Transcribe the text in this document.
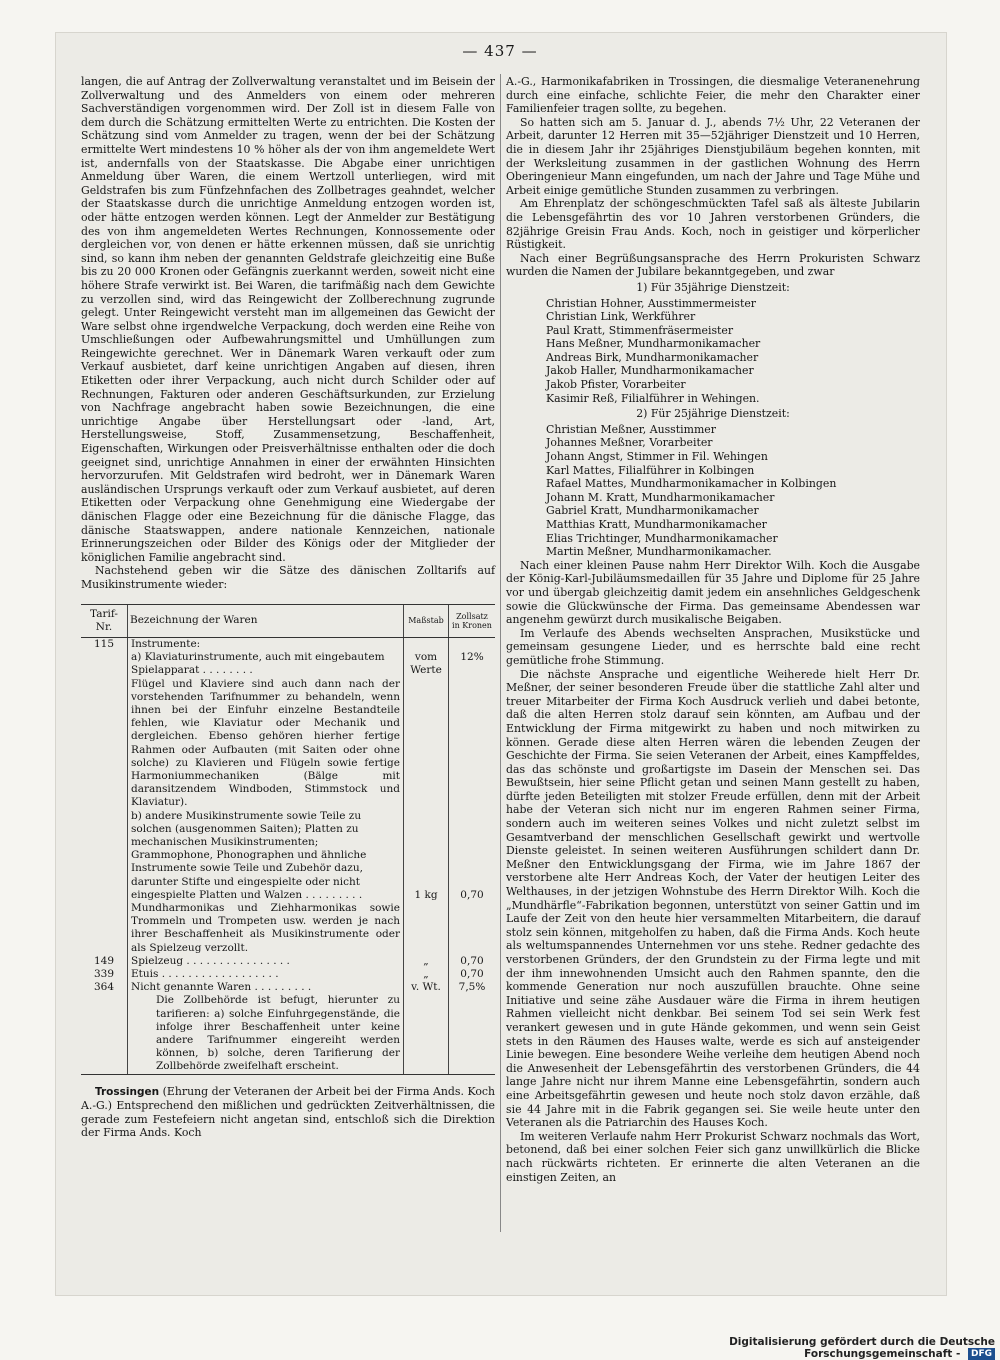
— 437 —

langen, die auf Antrag der Zollverwaltung veranstaltet und im Beisein der Zollverwaltung und des Anmelders von einem oder mehreren Sachverständigen vorgenommen wird. Der Zoll ist in diesem Falle von dem durch die Schätzung ermittelten Werte zu entrichten. Die Kosten der Schätzung sind vom Anmelder zu tragen, wenn der bei der Schätzung ermittelte Wert mindestens 10 % höher als der von ihm angemeldete Wert ist, andernfalls von der Staatskasse. Die Abgabe einer unrichtigen Anmeldung über Waren, die einem Wertzoll unterliegen, wird mit Geldstrafen bis zum Fünfzehnfachen des Zollbetrages geahndet, welcher der Staatskasse durch die unrichtige Anmeldung entzogen worden ist, oder hätte entzogen werden können. Legt der Anmelder zur Bestätigung des von ihm angemeldeten Wertes Rechnungen, Konnossemente oder dergleichen vor, von denen er hätte erkennen müssen, daß sie unrichtig sind, so kann ihm neben der genannten Geldstrafe gleichzeitig eine Buße bis zu 20 000 Kronen oder Gefängnis zuerkannt werden, soweit nicht eine höhere Strafe verwirkt ist. Bei Waren, die tarifmäßig nach dem Gewichte zu verzollen sind, wird das Reingewicht der Zollberechnung zugrunde gelegt. Unter Reingewicht versteht man im allgemeinen das Gewicht der Ware selbst ohne irgendwelche Verpackung, doch werden eine Reihe von Umschließungen oder Aufbewahrungsmittel und Umhüllungen zum Reingewichte gerechnet. Wer in Dänemark Waren verkauft oder zum Verkauf ausbietet, darf keine unrichtigen Angaben auf diesen, ihren Etiketten oder ihrer Verpackung, auch nicht durch Schilder oder auf Rechnungen, Fakturen oder anderen Geschäftsurkunden, zur Erzielung von Nachfrage angebracht haben sowie Bezeichnungen, die eine unrichtige Angabe über Herstellungsart oder -land, Art, Herstellungsweise, Stoff, Zusammensetzung, Beschaffenheit, Eigenschaften, Wirkungen oder Preisverhältnisse enthalten oder die doch geeignet sind, unrichtige Annahmen in einer der erwähnten Hinsichten hervorzurufen. Mit Geldstrafen wird bedroht, wer in Dänemark Waren ausländischen Ursprungs verkauft oder zum Verkauf ausbietet, auf deren Etiketten oder Verpackung ohne Genehmigung eine Wiedergabe der dänischen Flagge oder eine Bezeichnung für die dänische Flagge, das dänische Staatswappen, andere nationale Kennzeichen, nationale Erinnerungszeichen oder Bilder des Königs oder der Mitglieder der königlichen Familie angebracht sind.

Nachstehend geben wir die Sätze des dänischen Zolltarifs auf Musikinstrumente wieder:

Tarif-Nr.	Bezeichnung der Waren	Maßstab	Zollsatz in Kronen
115	Instrumente:		
	a) Klaviaturinstrumente, auch mit eingebautem Spielapparat . . . . . . . .	vom Werte	12%
	Flügel und Klaviere sind auch dann nach der vorstehenden Tarifnummer zu behandeln, wenn ihnen bei der Einfuhr einzelne Bestandteile fehlen, wie Klaviatur oder Mechanik und dergleichen. Ebenso gehören hierher fertige Rahmen oder Aufbauten (mit Saiten oder ohne solche) zu Klavieren und Flügeln sowie fertige Harmoniummechaniken (Bälge mit daransitzendem Windboden, Stimmstock und Klaviatur).		
	b) andere Musikinstrumente sowie Teile zu solchen (ausgenommen Saiten); Platten zu mechanischen Musikinstrumenten; Grammophone, Phonographen und ähnliche Instrumente sowie Teile und Zubehör dazu, darunter Stifte und eingespielte oder nicht eingespielte Platten und Walzen . . . . . . . . .	1 kg	0,70
	Mundharmonikas und Ziehharmonikas sowie Trommeln und Trompeten usw. werden je nach ihrer Beschaffenheit als Musikinstrumente oder als Spielzeug verzollt.		
149	Spielzeug . . . . . . . . . . . . . . . .	„	0,70
339	Etuis . . . . . . . . . . . . . . . . . .	„	0,70
364	Nicht genannte Waren . . . . . . . . .	v. Wt.	7,5%
	Die Zollbehörde ist befugt, hierunter zu tarifieren: a) solche Einfuhrgegenstände, die infolge ihrer Beschaffenheit unter keine andere Tarifnummer eingereiht werden können, b) solche, deren Tarifierung der Zollbehörde zweifelhaft erscheint.		

Trossingen (Ehrung der Veteranen der Arbeit bei der Firma Ands. Koch A.-G.) Entsprechend den mißlichen und gedrückten Zeitverhältnissen, die gerade zum Festefeiern nicht angetan sind, entschloß sich die Direktion der Firma Ands. Koch

A.-G., Harmonikafabriken in Trossingen, die diesmalige Veteranenehrung durch eine einfache, schlichte Feier, die mehr den Charakter einer Familienfeier tragen sollte, zu begehen.

So hatten sich am 5. Januar d. J., abends 7½ Uhr, 22 Veteranen der Arbeit, darunter 12 Herren mit 35—52jähriger Dienstzeit und 10 Herren, die in diesem Jahr ihr 25jähriges Dienstjubiläum begehen konnten, mit der Werksleitung zusammen in der gastlichen Wohnung des Herrn Oberingenieur Mann eingefunden, um nach der Jahre und Tage Mühe und Arbeit einige gemütliche Stunden zusammen zu verbringen.

Am Ehrenplatz der schöngeschmückten Tafel saß als älteste Jubilarin die Lebensgefährtin des vor 10 Jahren verstorbenen Gründers, die 82jährige Greisin Frau Ands. Koch, noch in geistiger und körperlicher Rüstigkeit.

Nach einer Begrüßungsansprache des Herrn Prokuristen Schwarz wurden die Namen der Jubilare bekanntgegeben, und zwar

1) Für 35jährige Dienstzeit:
Christian Hohner, Ausstimmermeister
Christian Link, Werkführer
Paul Kratt, Stimmenfräsermeister
Hans Meßner, Mundharmonikamacher
Andreas Birk, Mundharmonikamacher
Jakob Haller, Mundharmonikamacher
Jakob Pfister, Vorarbeiter
Kasimir Reß, Filialführer in Wehingen.
2) Für 25jährige Dienstzeit:
Christian Meßner, Ausstimmer
Johannes Meßner, Vorarbeiter
Johann Angst, Stimmer in Fil. Wehingen
Karl Mattes, Filialführer in Kolbingen
Rafael Mattes, Mundharmonikamacher in Kolbingen
Johann M. Kratt, Mundharmonikamacher
Gabriel Kratt, Mundharmonikamacher
Matthias Kratt, Mundharmonikamacher
Elias Trichtinger, Mundharmonikamacher
Martin Meßner, Mundharmonikamacher.

Nach einer kleinen Pause nahm Herr Direktor Wilh. Koch die Ausgabe der König-Karl-Jubiläumsmedaillen für 35 Jahre und Diplome für 25 Jahre vor und übergab gleichzeitig damit jedem ein ansehnliches Geldgeschenk sowie die Glückwünsche der Firma. Das gemeinsame Abendessen war angenehm gewürzt durch musikalische Beigaben.

Im Verlaufe des Abends wechselten Ansprachen, Musikstücke und gemeinsam gesungene Lieder, und es herrschte bald eine recht gemütliche frohe Stimmung.

Die nächste Ansprache und eigentliche Weiherede hielt Herr Dr. Meßner, der seiner besonderen Freude über die stattliche Zahl alter und treuer Mitarbeiter der Firma Koch Ausdruck verlieh und dabei betonte, daß die alten Herren stolz darauf sein könnten, am Aufbau und der Entwicklung der Firma mitgewirkt zu haben und noch mitwirken zu können. Gerade diese alten Herren wären die lebenden Zeugen der Geschichte der Firma. Sie seien Veteranen der Arbeit, eines Kampffeldes, das das schönste und großartigste im Dasein der Menschen sei. Das Bewußtsein, hier seine Pflicht getan und seinen Mann gestellt zu haben, dürfte jeden Beteiligten mit stolzer Freude erfüllen, denn mit der Arbeit habe der Veteran sich nicht nur im engeren Rahmen seiner Firma, sondern auch im weiteren seines Volkes und nicht zuletzt selbst im Gesamtverband der menschlichen Gesellschaft gewirkt und wertvolle Dienste geleistet. In seinen weiteren Ausführungen schildert dann Dr. Meßner den Entwicklungsgang der Firma, wie im Jahre 1867 der verstorbene alte Herr Andreas Koch, der Vater der heutigen Leiter des Welthauses, in der jetzigen Wohnstube des Herrn Direktor Wilh. Koch die „Mundhärfle“-Fabrikation begonnen, unterstützt von seiner Gattin und im Laufe der Zeit von den heute hier versammelten Mitarbeitern, die darauf stolz sein können, mitgeholfen zu haben, daß die Firma Ands. Koch heute als weltumspannendes Unternehmen vor uns stehe. Redner gedachte des verstorbenen Gründers, der den Grundstein zu der Firma legte und mit der ihm innewohnenden Umsicht auch den Rahmen spannte, den die kommende Generation nur noch auszufüllen brauchte. Ohne seine Initiative und seine zähe Ausdauer wäre die Firma in ihrem heutigen Rahmen vielleicht nicht denkbar. Bei seinem Tod sei sein Werk fest verankert gewesen und in gute Hände gekommen, und wenn sein Geist stets in den Räumen des Hauses walte, werde es sich auf ansteigender Linie bewegen. Eine besondere Weihe verleihe dem heutigen Abend noch die Anwesenheit der Lebensgefährtin des verstorbenen Gründers, die 44 lange Jahre nicht nur ihrem Manne eine Lebensgefährtin, sondern auch eine Arbeitsgefährtin gewesen und heute noch stolz davon erzähle, daß sie 44 Jahre mit in die Fabrik gegangen sei. Sie weile heute unter den Veteranen als die Patriarchin des Hauses Koch.

Im weiteren Verlaufe nahm Herr Prokurist Schwarz nochmals das Wort, betonend, daß bei einer solchen Feier sich ganz unwillkürlich die Blicke nach rückwärts richteten. Er erinnerte die alten Veteranen an die einstigen Zeiten, an

Digitalisierung gefördert durch die Deutsche Forschungsgemeinschaft - DFG
